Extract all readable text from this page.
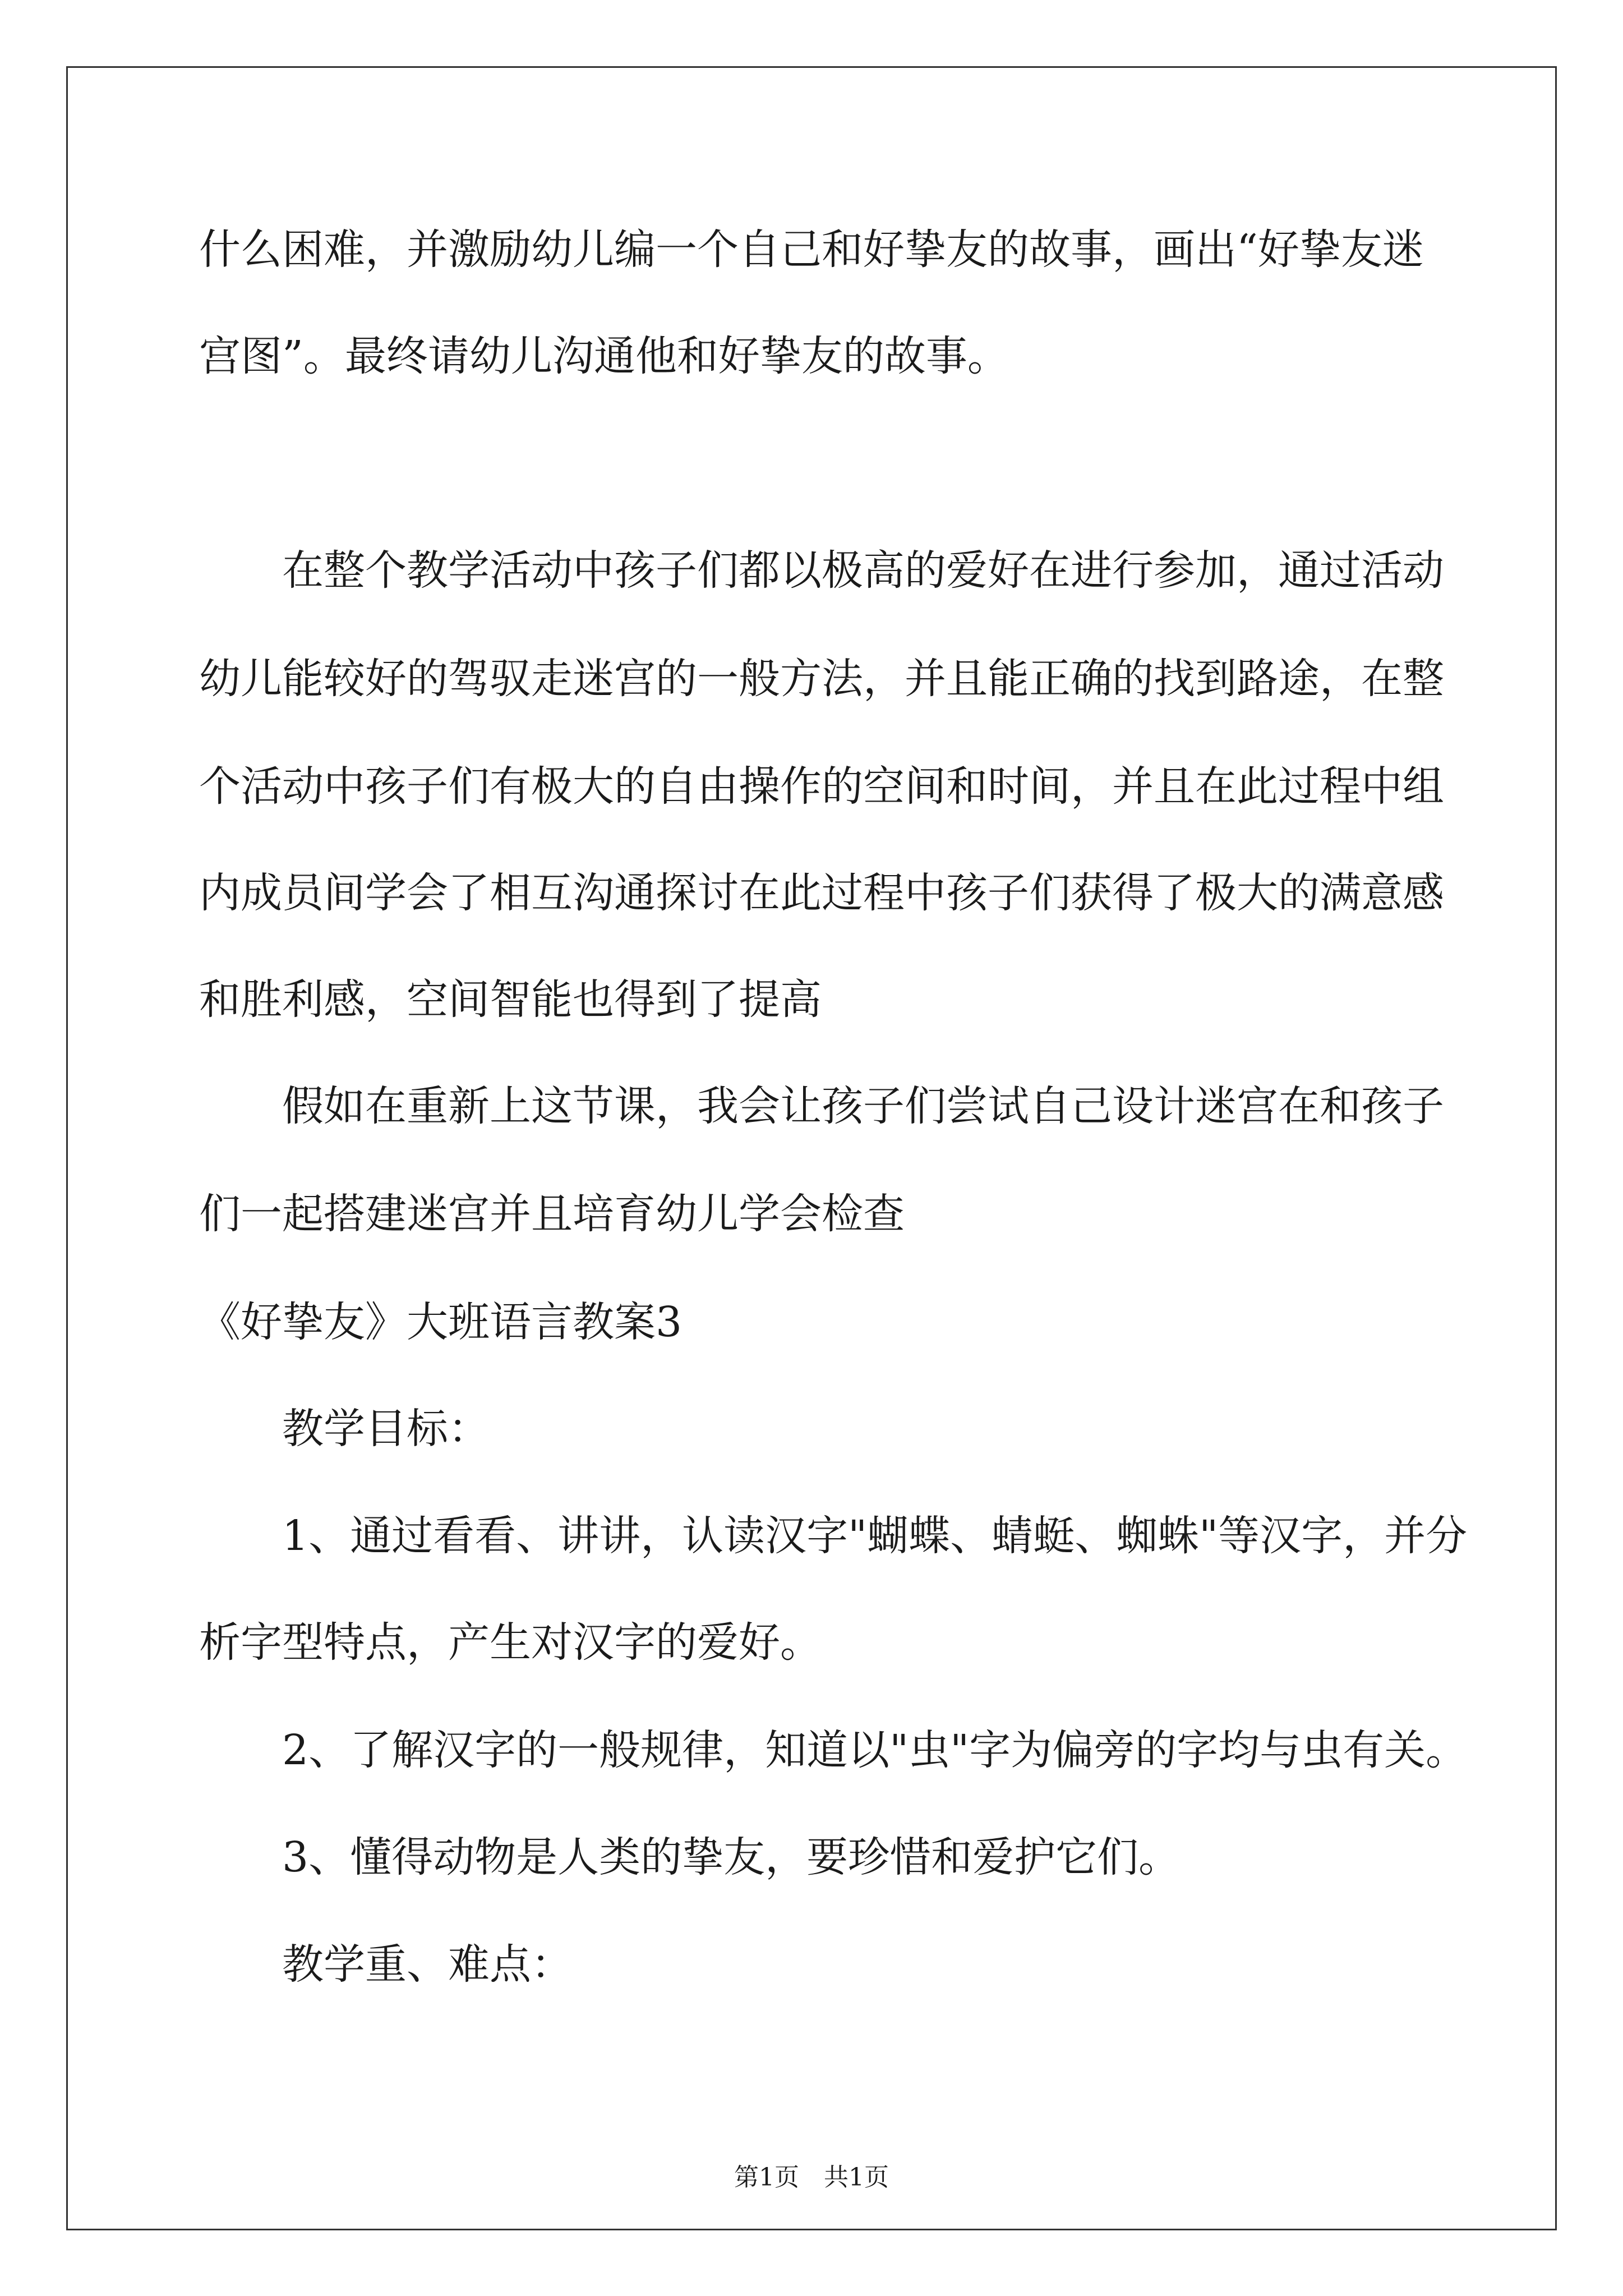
什么困难，并激励幼儿编一个自己和好挚友的故事，画出“好挚友迷

宫图”。最终请幼儿沟通他和好挚友的故事。

在整个教学活动中孩子们都以极高的爱好在进行参加，通过活动

幼儿能较好的驾驭走迷宫的一般方法，并且能正确的找到路途，在整

个活动中孩子们有极大的自由操作的空间和时间，并且在此过程中组

内成员间学会了相互沟通探讨在此过程中孩子们获得了极大的满意感

和胜利感，空间智能也得到了提高

假如在重新上这节课，我会让孩子们尝试自己设计迷宫在和孩子

们一起搭建迷宫并且培育幼儿学会检查

《好挚友》大班语言教案3

教学目标：

1、通过看看、讲讲，认读汉字"蝴蝶、蜻蜓、蜘蛛"等汉字，并分

析字型特点，产生对汉字的爱好。

2、了解汉字的一般规律，知道以"虫"字为偏旁的字均与虫有关。

3、懂得动物是人类的挚友，要珍惜和爱护它们。

教学重、难点：

第1页　共1页
